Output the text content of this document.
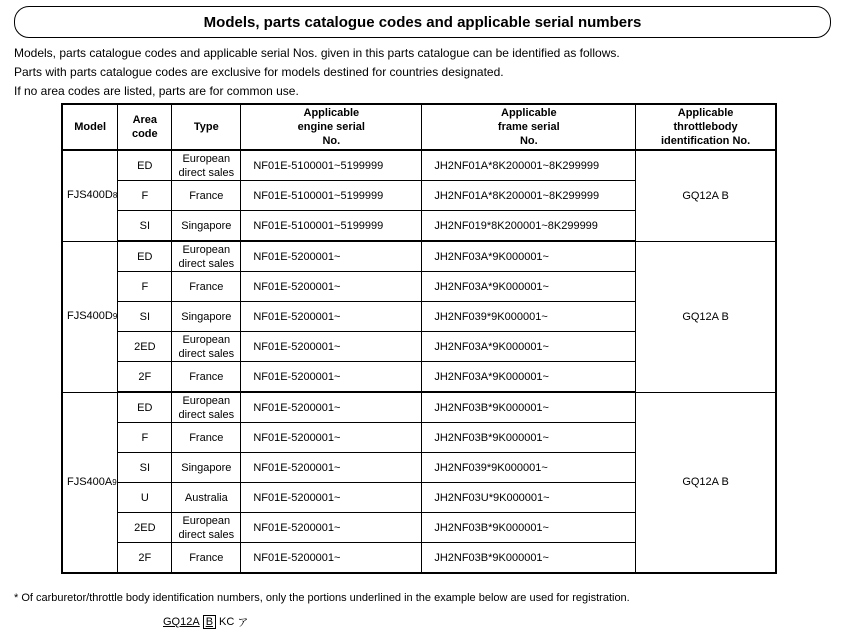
Models, parts catalogue codes and applicable serial numbers
Models, parts catalogue codes and applicable serial Nos. given in this parts catalogue can be identified as follows.
Parts with parts catalogue codes are exclusive for models destined for countries designated.
If no area codes are listed, parts are for common use.
Model	Area code	Type	Applicable engine serial No.	Applicable frame serial No.	Applicable throttlebody identification No.

FJS400D8	ED	European direct sales	NF01E-5100001~5199999	JH2NF01A*8K200001~8K299999	GQ12A B
	F	France	NF01E-5100001~5199999	JH2NF01A*8K200001~8K299999	
	SI	Singapore	NF01E-5100001~5199999	JH2NF019*8K200001~8K299999	
FJS400D9	ED	European direct sales	NF01E-5200001~	JH2NF03A*9K000001~	GQ12A B
	F	France	NF01E-5200001~	JH2NF03A*9K000001~	
	SI	Singapore	NF01E-5200001~	JH2NF039*9K000001~	
	2ED	European direct sales	NF01E-5200001~	JH2NF03A*9K000001~	
	2F	France	NF01E-5200001~	JH2NF03A*9K000001~	
FJS400A9	ED	European direct sales	NF01E-5200001~	JH2NF03B*9K000001~	GQ12A B
	F	France	NF01E-5200001~	JH2NF03B*9K000001~	
	SI	Singapore	NF01E-5200001~	JH2NF039*9K000001~	
	U	Australia	NF01E-5200001~	JH2NF03U*9K000001~	
	2ED	European direct sales	NF01E-5200001~	JH2NF03B*9K000001~	
	2F	France	NF01E-5200001~	JH2NF03B*9K000001~	
* Of carburetor/throttle body identification numbers, only the portions underlined in the example below are used for registration.
GQ12A B KC ア
